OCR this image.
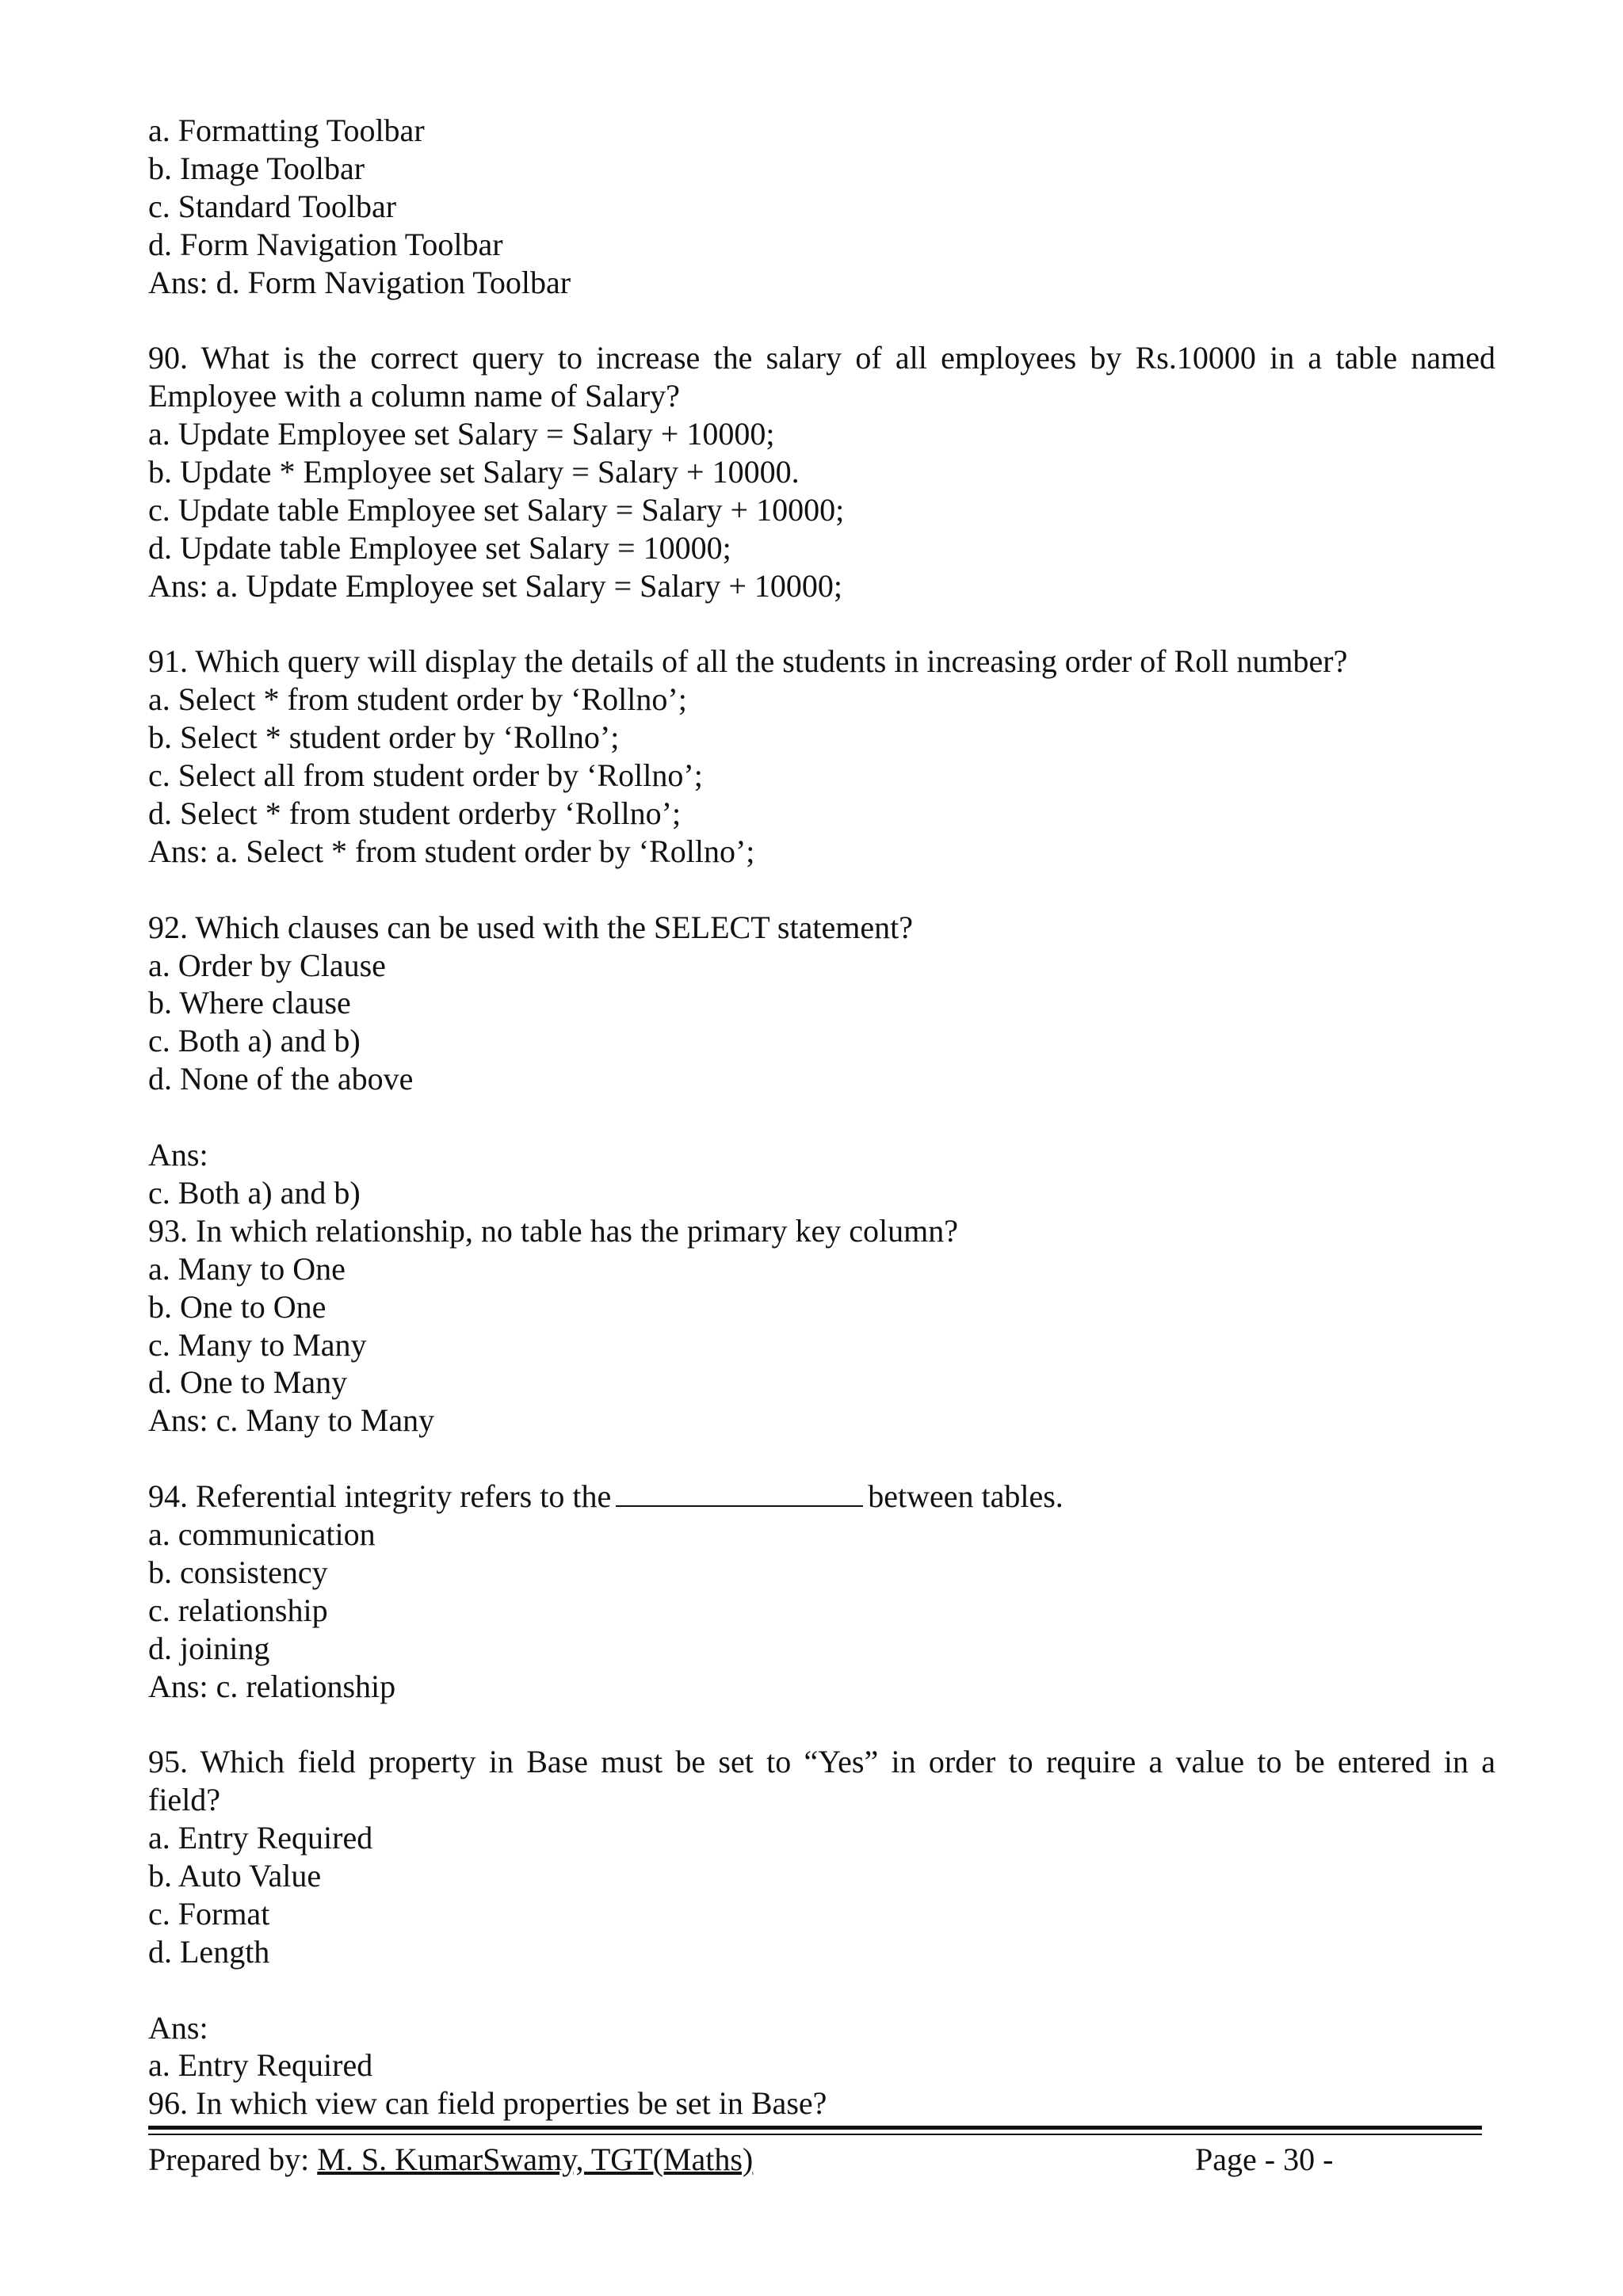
a. Formatting Toolbar
b. Image Toolbar
c. Standard Toolbar
d. Form Navigation Toolbar
Ans: d. Form Navigation Toolbar
90. What is the correct query to increase the salary of all employees by Rs.10000 in a table named
Employee with a column name of Salary?
a. Update Employee set Salary = Salary + 10000;
b. Update * Employee set Salary = Salary + 10000.
c. Update table Employee set Salary = Salary + 10000;
d. Update table Employee set Salary = 10000;
Ans: a. Update Employee set Salary = Salary + 10000;
91. Which query will display the details of all the students in increasing order of Roll number?
a. Select * from student order by ‘Rollno’;
b. Select * student order by ‘Rollno’;
c. Select all from student order by ‘Rollno’;
d. Select * from student orderby ‘Rollno’;
Ans: a. Select * from student order by ‘Rollno’;
92. Which clauses can be used with the SELECT statement?
a. Order by Clause
b. Where clause
c. Both a) and b)
d. None of the above
Ans:
c. Both a) and b)
93. In which relationship, no table has the primary key column?
a. Many to One
b. One to One
c. Many to Many
d. One to Many
Ans: c. Many to Many
94. Referential integrity refers to the	between tables.
a. communication
b. consistency
c. relationship
d. joining
Ans: c. relationship
95. Which field property in Base must be set to “Yes” in order to require a value to be entered in a
field?
a. Entry Required
b. Auto Value
c. Format
d. Length
Ans:
a. Entry Required
96. In which view can field properties be set in Base?
Prepared by: M. S. KumarSwamy, TGT(Maths)	Page - 30 -
